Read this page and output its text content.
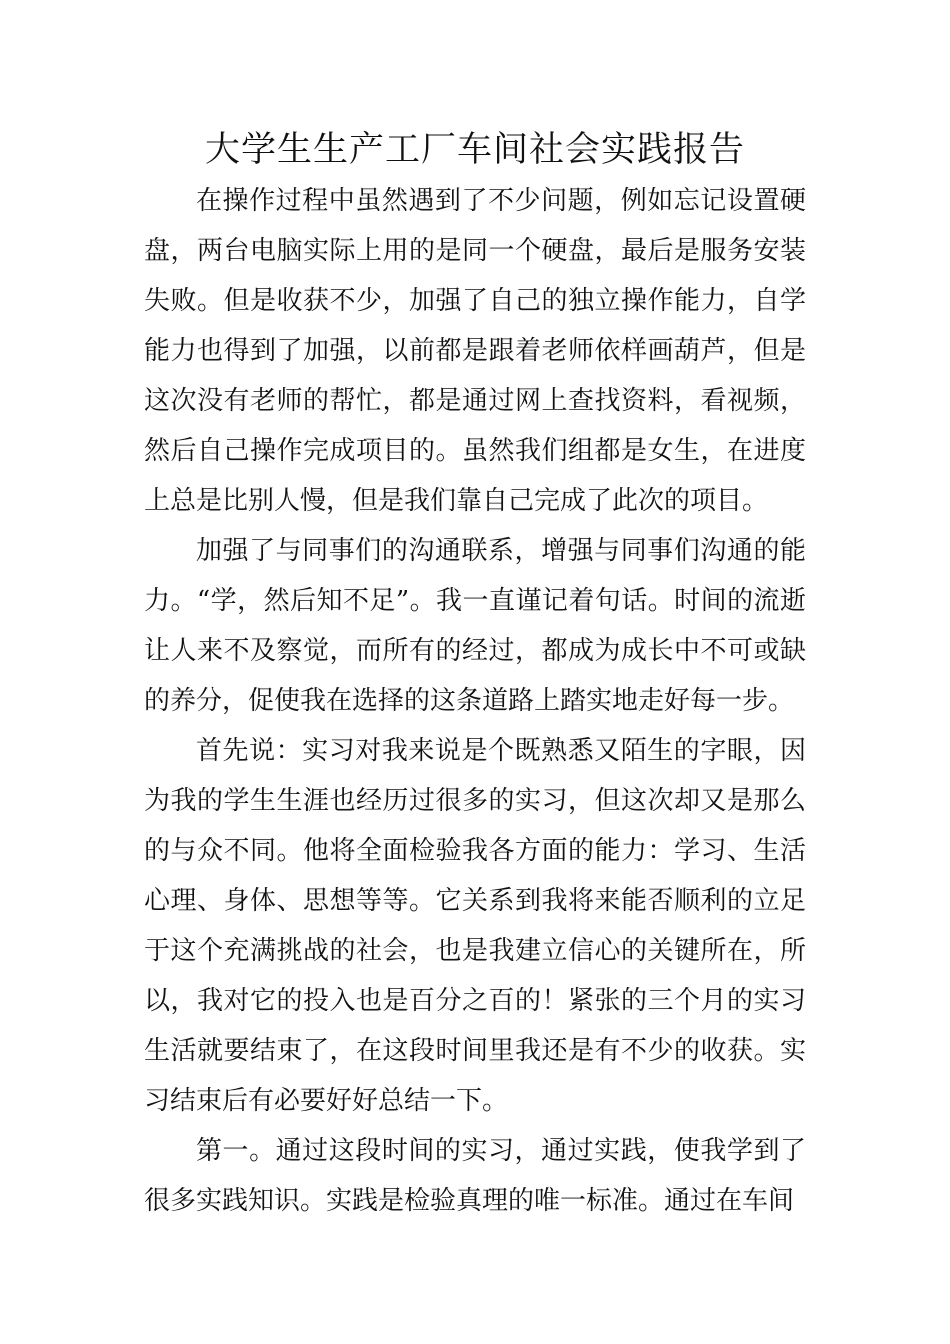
大学生生产工厂车间社会实践报告

在操作过程中虽然遇到了不少问题，例如忘记设置硬盘，两台电脑实际上用的是同一个硬盘，最后是服务安装失败。但是收获不少，加强了自己的独立操作能力，自学能力也得到了加强，以前都是跟着老师依样画葫芦，但是这次没有老师的帮忙，都是通过网上查找资料，看视频，然后自己操作完成项目的。虽然我们组都是女生，在进度上总是比别人慢，但是我们靠自己完成了此次的项目。

加强了与同事们的沟通联系，增强与同事们沟通的能力。“学，然后知不足”。我一直谨记着句话。时间的流逝让人来不及察觉，而所有的经过，都成为成长中不可或缺的养分，促使我在选择的这条道路上踏实地走好每一步。

首先说：实习对我来说是个既熟悉又陌生的字眼，因为我的学生生涯也经历过很多的实习，但这次却又是那么的与众不同。他将全面检验我各方面的能力：学习、生活心理、身体、思想等等。它关系到我将来能否顺利的立足于这个充满挑战的社会，也是我建立信心的关键所在，所以，我对它的投入也是百分之百的！紧张的三个月的实习生活就要结束了，在这段时间里我还是有不少的收获。实习结束后有必要好好总结一下。

第一。通过这段时间的实习，通过实践，使我学到了很多实践知识。实践是检验真理的唯一标准。通过在车间
